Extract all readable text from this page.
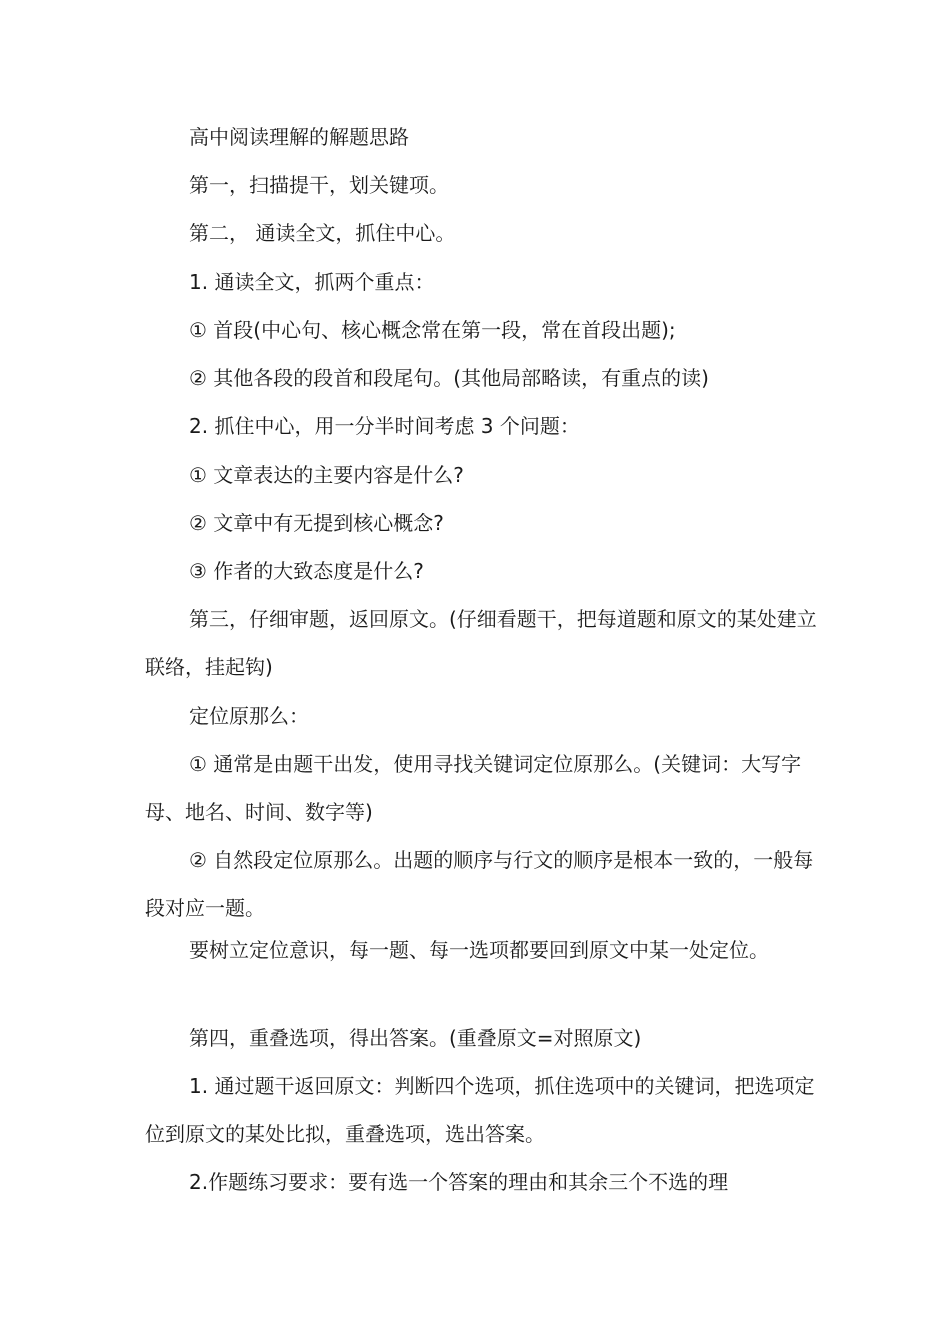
高中阅读理解的解题思路

第一，扫描提干，划关键项。

第二， 通读全文，抓住中心。

1. 通读全文，抓两个重点：

① 首段(中心句、核心概念常在第一段，常在首段出题);

② 其他各段的段首和段尾句。(其他局部略读，有重点的读)

2. 抓住中心，用一分半时间考虑 3 个问题：

① 文章表达的主要内容是什么?

② 文章中有无提到核心概念?

③ 作者的大致态度是什么?

第三，仔细审题，返回原文。(仔细看题干，把每道题和原文的某处建立联络，挂起钩)

定位原那么：

① 通常是由题干出发，使用寻找关键词定位原那么。(关键词：大写字母、地名、时间、数字等)

② 自然段定位原那么。出题的顺序与行文的顺序是根本一致的，一般每段对应一题。

要树立定位意识，每一题、每一选项都要回到原文中某一处定位。

第四，重叠选项，得出答案。(重叠原文=对照原文)

1. 通过题干返回原文：判断四个选项，抓住选项中的关键词，把选项定位到原文的某处比拟，重叠选项，选出答案。

2.作题练习要求：要有选一个答案的理由和其余三个不选的理
